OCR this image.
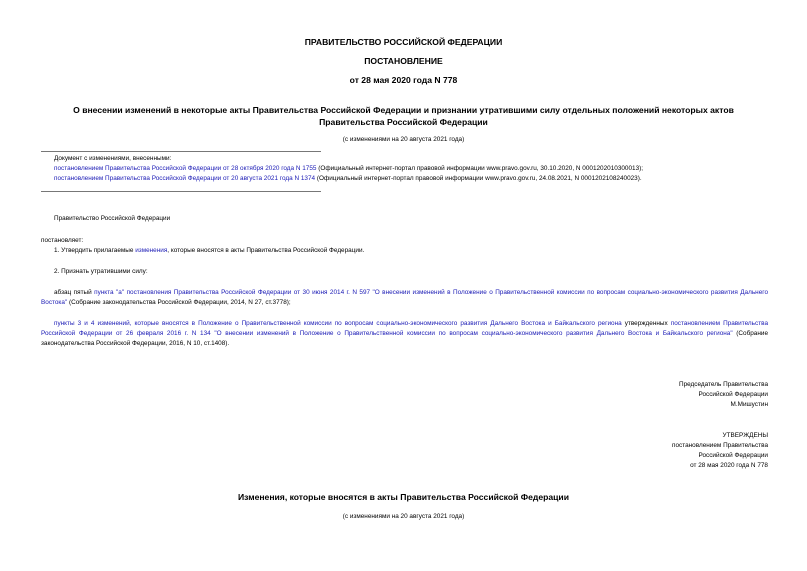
ПРАВИТЕЛЬСТВО РОССИЙСКОЙ ФЕДЕРАЦИИ
ПОСТАНОВЛЕНИЕ
от 28 мая 2020 года N 778
О внесении изменений в некоторые акты Правительства Российской Федерации и признании утратившими силу отдельных положений некоторых актов
Правительства Российской Федерации
(с изменениями на 20 августа 2021 года)
Документ с изменениями, внесенными:
постановлением Правительства Российской Федерации от 28 октября 2020 года N 1755 (Официальный интернет-портал правовой информации www.pravo.gov.ru, 30.10.2020, N 0001202010300013);
постановлением Правительства Российской Федерации от 20 августа 2021 года N 1374 (Официальный интернет-портал правовой информации www.pravo.gov.ru, 24.08.2021, N 0001202108240023).
Правительство Российской Федерации
постановляет:
1. Утвердить прилагаемые изменения, которые вносятся в акты Правительства Российской Федерации.
2. Признать утратившими силу:
абзац пятый пункта "а" постановления Правительства Российской Федерации от 30 июня 2014 г. N 597 "О внесении изменений в Положение о Правительственной комиссии по вопросам социально-экономического развития Дальнего Востока" (Собрание законодательства Российской Федерации, 2014, N 27, ст.3778);
пункты 3 и 4 изменений, которые вносятся в Положение о Правительственной комиссии по вопросам социально-экономического развития Дальнего Востока и Байкальского региона утвержденных постановлением Правительства Российской Федерации от 26 февраля 2016 г. N 134 "О внесении изменений в Положение о Правительственной комиссии по вопросам социально-экономического развития Дальнего Востока и Байкальского региона" (Собрание законодательства Российской Федерации, 2016, N 10, ст.1408).
Председатель Правительства
Российской Федерации
М.Мишустин
УТВЕРЖДЕНЫ
постановлением Правительства
Российской Федерации
от 28 мая 2020 года N 778
Изменения, которые вносятся в акты Правительства Российской Федерации
(с изменениями на 20 августа 2021 года)
